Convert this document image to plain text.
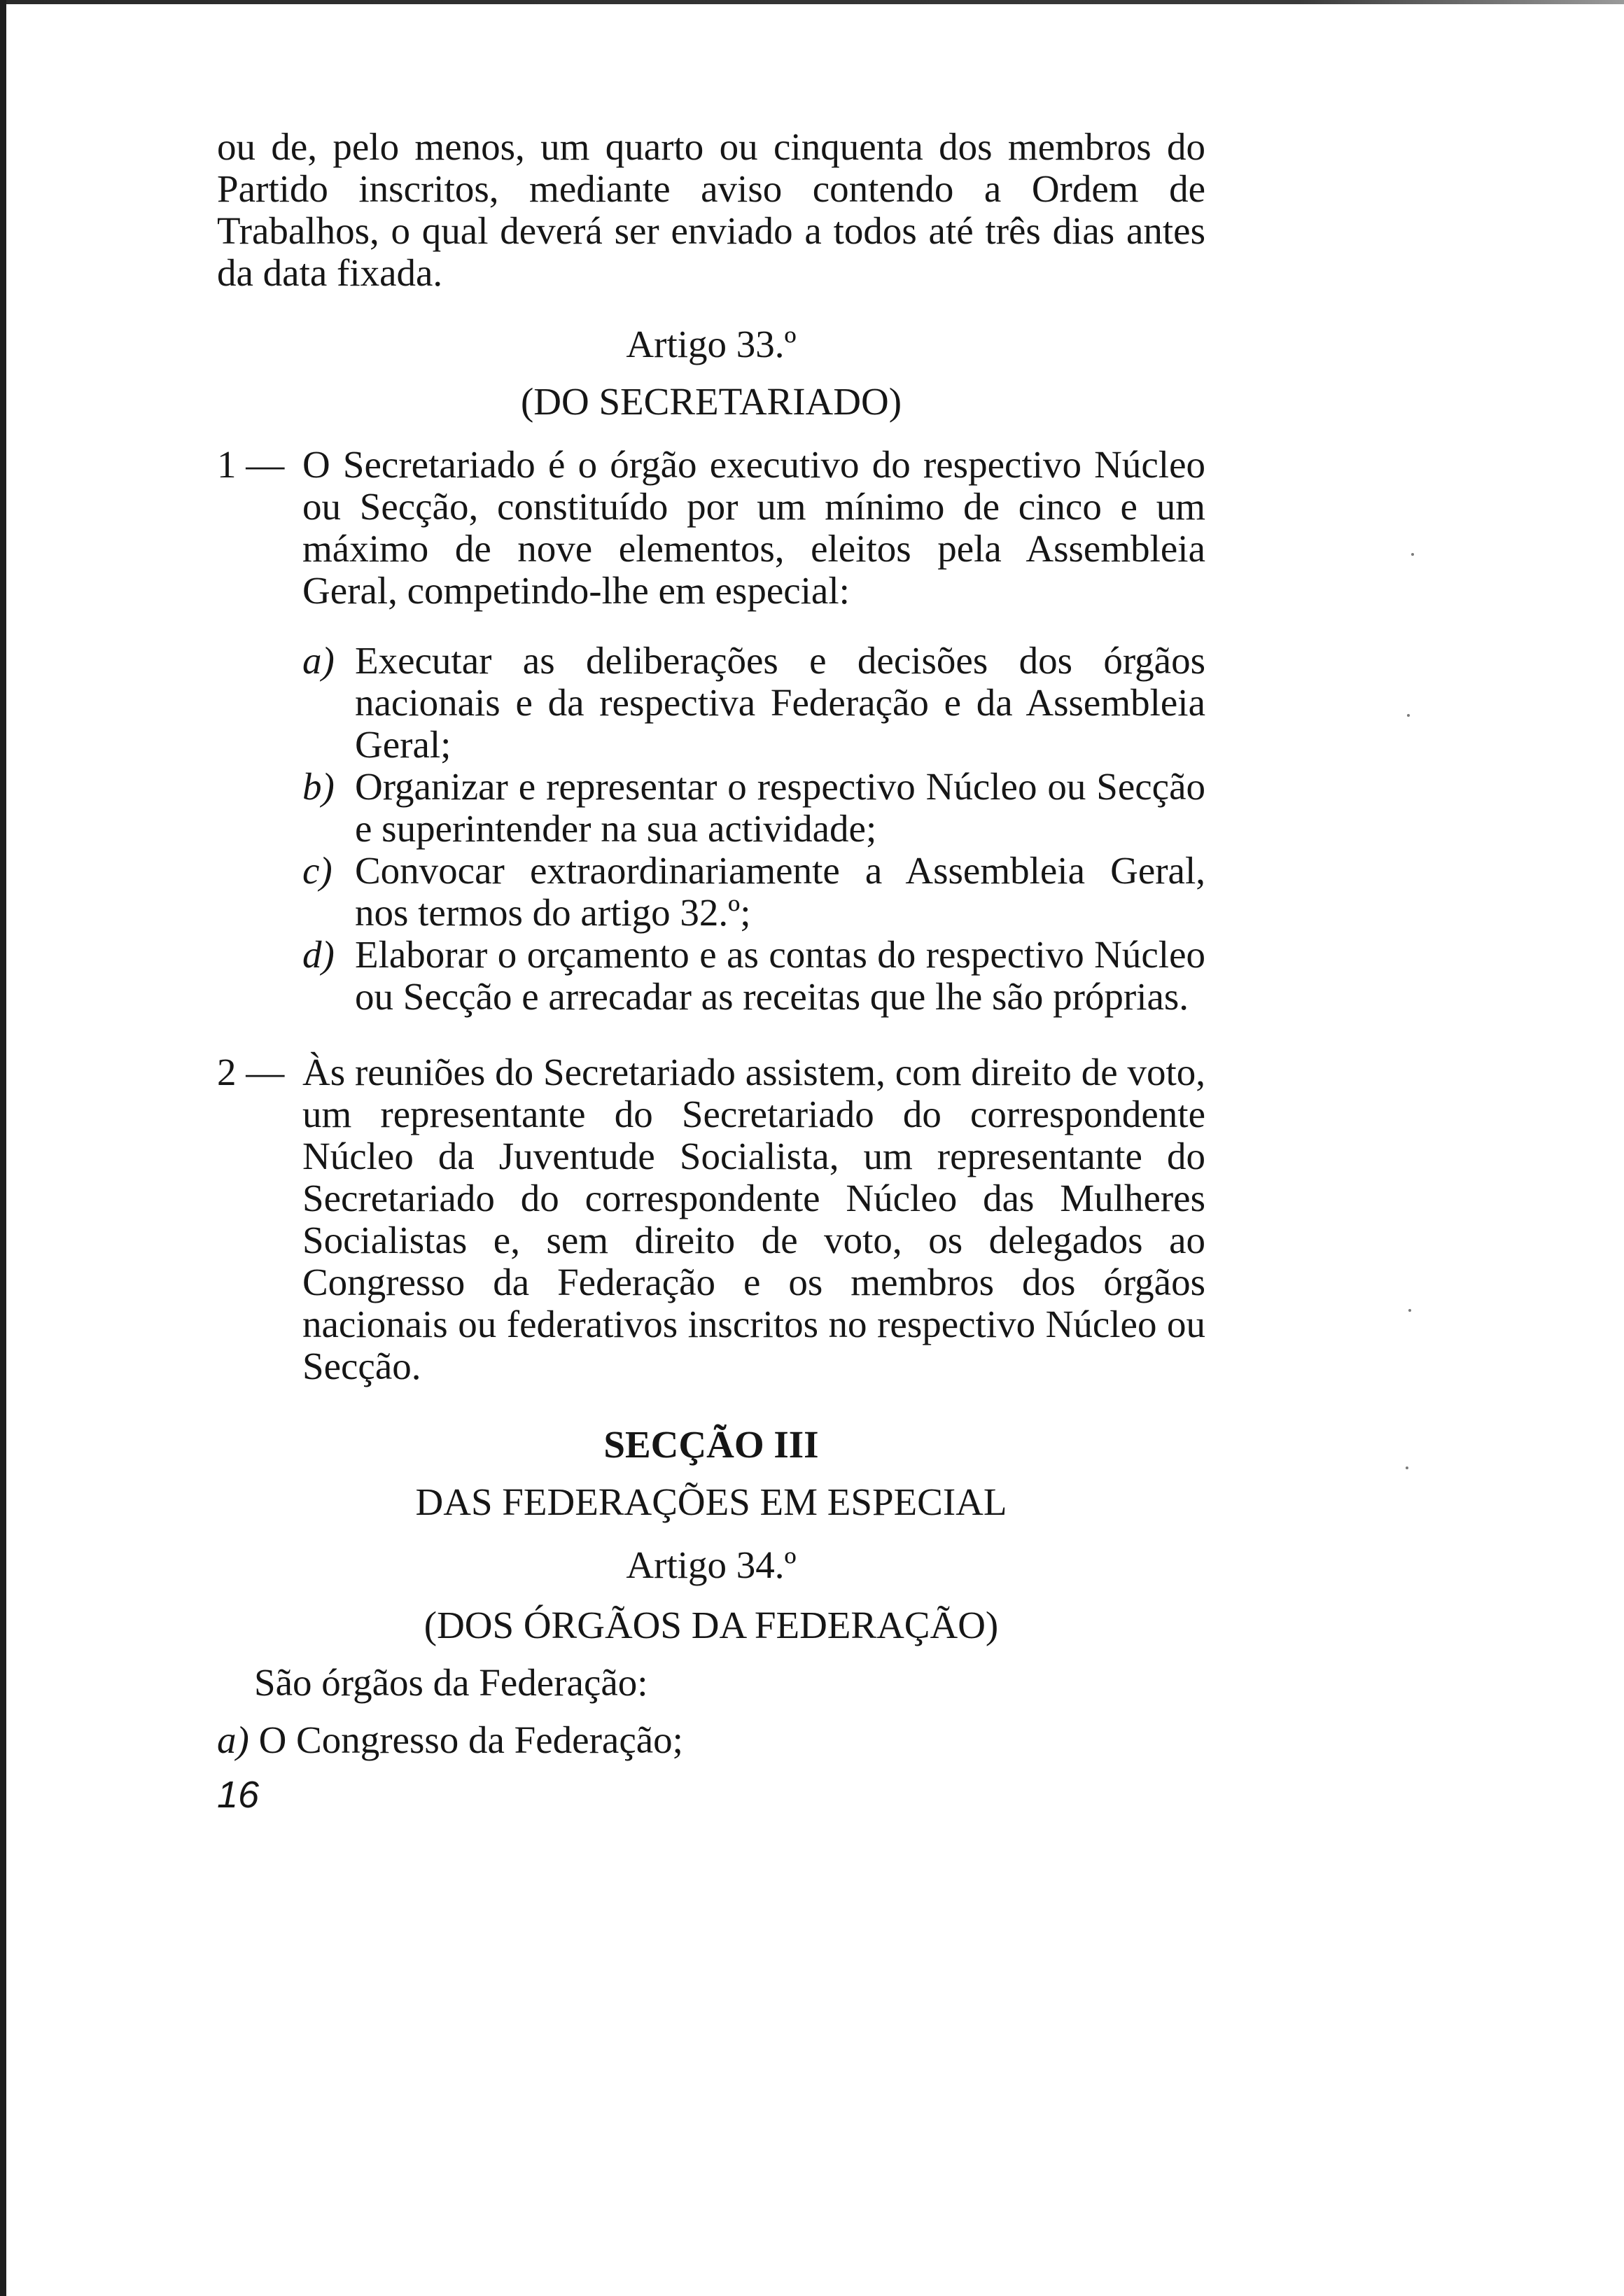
ou de, pelo menos, um quarto ou cinquenta dos membros do Partido inscritos, mediante aviso contendo a Ordem de Trabalhos, o qual deverá ser enviado a todos até três dias antes da data fixada.

Artigo 33.º

(DO SECRETARIADO)

1 — O Secretariado é o órgão executivo do respectivo Núcleo ou Secção, constituído por um mínimo de cinco e um máximo de nove elementos, eleitos pela Assembleia Geral, competindo-lhe em especial:
a) Executar as deliberações e decisões dos órgãos nacionais e da respectiva Federação e da Assembleia Geral;
b) Organizar e representar o respectivo Núcleo ou Secção e superintender na sua actividade;
c) Convocar extraordinariamente a Assembleia Geral, nos termos do artigo 32.º;
d) Elaborar o orçamento e as contas do respectivo Núcleo ou Secção e arrecadar as receitas que lhe são próprias.
2 — Às reuniões do Secretariado assistem, com direito de voto, um representante do Secretariado do correspondente Núcleo da Juventude Socialista, um representante do Secretariado do correspondente Núcleo das Mulheres Socialistas e, sem direito de voto, os delegados ao Congresso da Federação e os membros dos órgãos nacionais ou federativos inscritos no respectivo Núcleo ou Secção.

SECÇÃO III

DAS FEDERAÇÕES EM ESPECIAL

Artigo 34.º

(DOS ÓRGÃOS DA FEDERAÇÃO)

São órgãos da Federação:

a) O Congresso da Federação;

16
